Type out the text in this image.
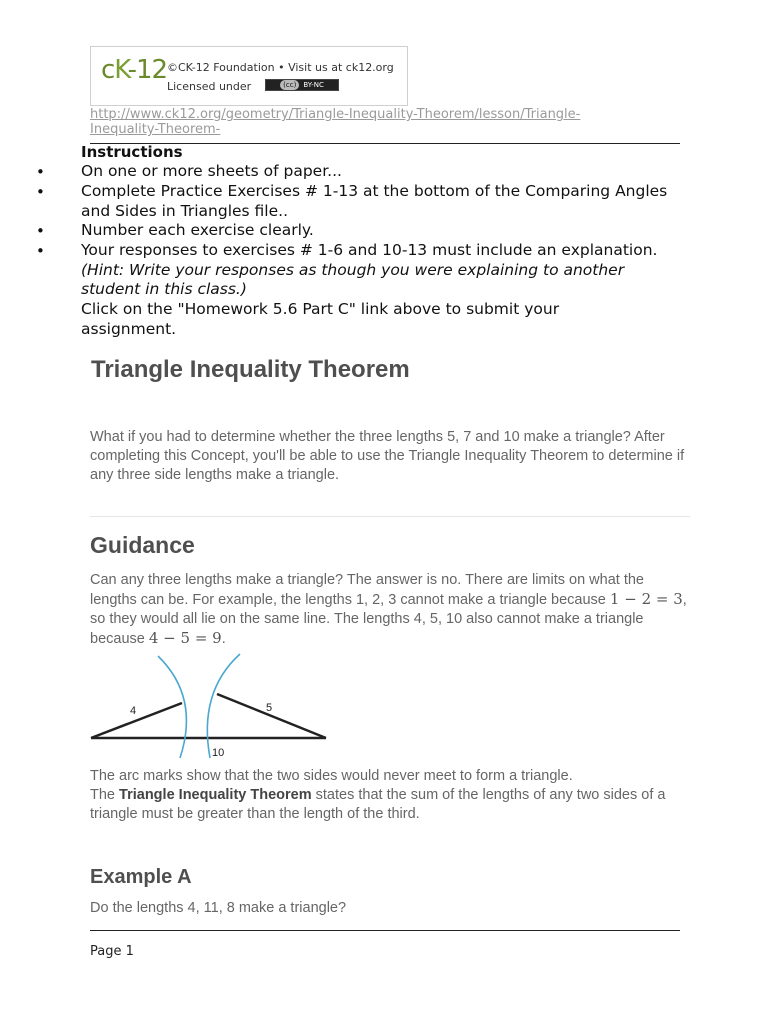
cK-12 ©CK-12 Foundation • Visit us at ck12.org
Licensed under	(cc) BY-NC
http://www.ck12.org/geometry/Triangle-Inequality-Theorem/lesson/Triangle-Inequality-Theorem-
Instructions
• On one or more sheets of paper...
• Complete Practice Exercises # 1-13 at the bottom of the Comparing Angles and Sides in Triangles file..
• Number each exercise clearly.
• Your responses to exercises # 1-6 and 10-13 must include an explanation. (Hint: Write your responses as though you were explaining to another student in this class.)
Click on the "Homework 5.6 Part C" link above to submit your assignment.
Triangle Inequality Theorem
What if you had to determine whether the three lengths 5, 7 and 10 make a triangle? After completing this Concept, you'll be able to use the Triangle Inequality Theorem to determine if any three side lengths make a triangle.
Guidance
Can any three lengths make a triangle? The answer is no. There are limits on what the lengths can be. For example, the lengths 1, 2, 3 cannot make a triangle because 1 − 2 = 3, so they would all lie on the same line. The lengths 4, 5, 10 also cannot make a triangle because 4 − 5 = 9.
4	5
10
The arc marks show that the two sides would never meet to form a triangle.
The Triangle Inequality Theorem states that the sum of the lengths of any two sides of a triangle must be greater than the length of the third.
Example A
Do the lengths 4, 11, 8 make a triangle?
Page 1
